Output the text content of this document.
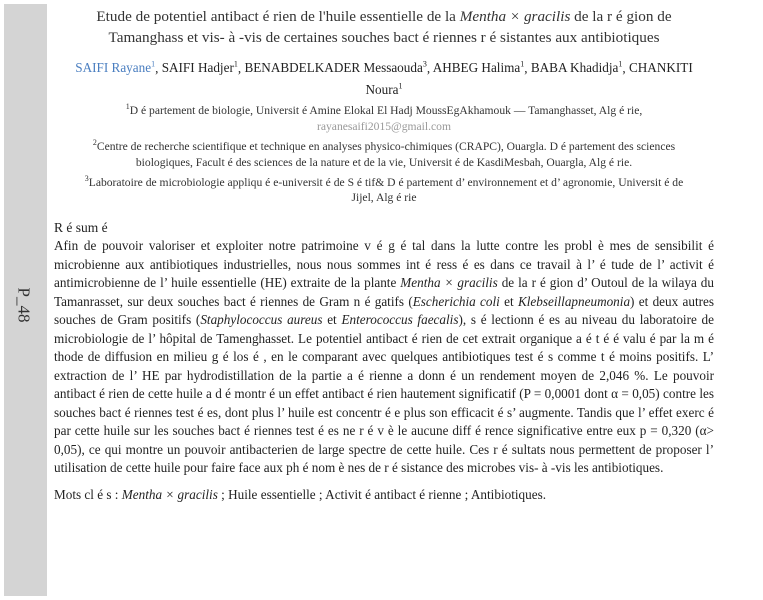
P_48

Etude de potentiel antibact é rien de l'huile essentielle de la Mentha × gracilis de la r é gion de Tamanghass et vis- à -vis de certaines souches bact é riennes r é sistantes aux antibiotiques

SAIFI Rayane$^1$, SAIFI Hadjer$^1$, BENABDELKADER Messaouda$^3$, AHBEG Halima$^1$, BABA Khadidja$^1$, CHANKITI Noura$^1$
$^1$D é partement de biologie, Universit é Amine Elokal El Hadj MoussEgAkhamouk — Tamanghasset, Alg é rie,
rayanesaifi2015@gmail.com
$^2$Centre de recherche scientifique et technique en analyses physico-chimiques (CRAPC), Ouargla. D é partement des sciences biologiques, Facult é des sciences de la nature et de la vie, Universit é de KasdiMesbah, Ouargla, Alg é rie.
$^3$Laboratoire de microbiologie appliqu é e-universit é de S é tif& D é partement d’ environnement et d’ agronomie, Universit é de Jijel, Alg é rie
R é sum é

Afin de pouvoir valoriser et exploiter notre patrimoine v é g é tal dans la lutte contre les probl è mes de sensibilit é microbienne aux antibiotiques industrielles, nous nous sommes int é ress é es dans ce travail à l’ é tude de l’ activit é antimicrobienne de l’ huile essentielle (HE) extraite de la plante Mentha × gracilis de la r é gion d’ Outoul de la wilaya du Tamanrasset, sur deux souches bact é riennes de Gram n é gatifs (Escherichia coli et Klebseillapneumonia) et deux autres souches de Gram positifs (Staphylococcus aureus et Enterococcus faecalis), s é lectionn é es au niveau du laboratoire de microbiologie de l’ hôpital de Tamenghasset. Le potentiel antibact é rien de cet extrait organique a é t é é valu é par la m é thode de diffusion en milieu g é los é , en le comparant avec quelques antibiotiques test é s comme t é moins positifs. L’ extraction de l’ HE par hydrodistillation de la partie a é rienne a donn é un rendement moyen de 2,046 %. Le pouvoir antibact é rien de cette huile a d é montr é un effet antibact é rien hautement significatif (P = 0,0001 dont α = 0,05) contre les souches bact é riennes test é es, dont plus l’ huile est concentr é e plus son efficacit é s’ augmente. Tandis que l’ effet exerc é par cette huile sur les souches bact é riennes test é es ne r é v è le aucune diff é rence significative entre eux p = 0,320 (α> 0,05), ce qui montre un pouvoir antibacterien de large spectre de cette huile. Ces r é sultats nous permettent de proposer l’ utilisation de cette huile pour faire face aux ph é nom è nes de r é sistance des microbes vis- à -vis les antibiotiques.

Mots cl é s : Mentha × gracilis ; Huile essentielle ; Activit é antibact é rienne ; Antibiotiques.
